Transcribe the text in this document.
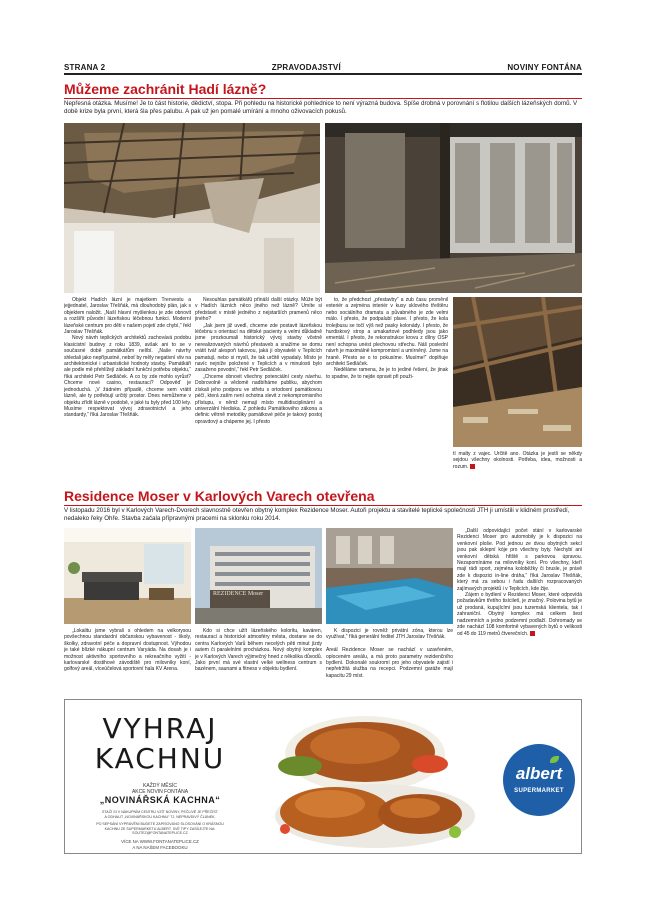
STRANA 2	ZPRAVODAJSTVÍ	NOVINY FONTÁNA
Můžeme zachránit Hadí lázně?
Nepřesná otázka. Musíme! Je to část historie, dědictví, stopa. Při pohledu na historické pohlednice to není výrazná budova. Spíše drobná v porovnání s flotilou dalších lázeňských domů. V době krize byla první, která šla přes palubu. A pak už jen pomalé umírání a mnoho oživovacích pokusů.

Objekt Hadích lázní je majetkem Trenvestu a jejjednatel, Jaroslav Třešňák, má dlouhodobý plán, jak s objektem naložit. „Naší hlavní myšlenkou je zde obnovit a rozšířit původní lázeňskou léčebnou funkci. Moderní lázeňské centrum pro děti v našem pojetí zde chybí,“ řekl Jaroslav Třešňák.

Nový návrh teplických architektů zachovává podobu klasicistní budovy z roku 1839, avšak ani to se v současné době památkářům nelíbí. „Naše návrhy shledali jako nepřípustné, neboť by měly negativní vliv na architektonické i urbanistické hodnoty stavby. Památkáři ale podle mě přehlížejí základní funkční potřebu objektu,“ říká architekt Petr Sedláček. A co by zde mohlo vyrůst? Chceme nové casino, restauraci? Odpověď je jednoduchá. „V žádném případě, chceme sem vrátit lázně, ale ty potřebují určitý prostor. Dnes nemůžeme v objektu zřídit lázně v podobě, v jaké tu byly před 100 lety. Musíme respektovat vývoj zdravotnictví a jeho standardy,“ říká Jaroslav Třešňák.

Nesouhlas památkářů přináší další otázky. Může být v Hadích lázních něco jiného než lázně? Umíte si představit v místě jedného z nejstarších pramenů něco jiného?

„Jak jsem již uvedl, chceme zde postavit lázeňskou léčebnu s orientací na dětské pacienty a velmi důkladně jsme prozkoumali historický vývoj stavby včetně nerealizovaných návrhů přestaveb a snažíme se domu vrátit tvář alespoň takovou, jaká ji obyvatelé v Teplicích pamatují, nebo si myslí, že tak určitě vypadaly. Místo je navíc nejníže položené v Teplicích a v minulosti bylo zasaženo povodní,“ řekl Petr Sedláček.

„Chceme obnovit všechny potenciální cesty návrhu. Dobrovolně a vědomě nadbíháme publiku, abychom získali jeho podporu ve střetu s ortodoxní památkovou péčí, která zatím není ochotna slevit z nekompromisního přístupu, v němž nemají místo multidisciplinární a univerzální hlediska. Z pohledu Památkového zákona a definic větrně metodiky památkové péče je takový postoj opravdový a chápeme jej. I přesto

to, že předchozí „přestavby“ a zub času proměnil exteriér a zejména interiér v kusy sklového třeštěru nebo sociálního dramatu a půvabného je zde velmi málo. I přesto, že podpalubí plave. I přesto, že kola trolejbusu se točí výš než pasky kolonády. I přesto, že hurdiskový strop a umakartové podhledy jsou jako ementál. I přesto, že rekonstrukce krovu z dílny OSP není schopna unést plechovou střechu. Náš poslední návrh je maximálně kompromisní a umírněný. Jsme na hraně. Přesto se o to pokusíme. Musíme!“ doplňuje architekt Sedláček.

Neděláme ramena, že je to jediné řešení, že jinak to spadne, že to nejde opravit při použi-

tí malty z vajec. Určitě ano. Otázka je jestli se někdy sejdou všechny okolnosti. Potřeba, idea, možnosti a rozum.
Residence Moser v Karlových Varech otevřena
V listopadu 2016 byl v Karlových Varech-Dvorech slavnostně otevřen obytný komplex Rezidence Moser. Autoři projektu a stavitelé teplické společnosti JTH ji umístili v klidném prostředí, nedaleko řeky Ohře. Stavba začala přípravnými pracemi na sklonku roku 2014.
REZIDENCE Moser

„Lokalitu jsme vybrali s ohledem na velkorysou povšechnou standardní občanskou vybavenost - školy, školky, zdravotní péče a dopravní dostupnost. Výhodou je také blízké nákupní centrum Varyáda. Na dosah je i možnost aktivního sportovního a rekreačního vyžití - karlovarské dostihové závodiště pro milovníky koní, golfový areál, víceúčelová sportovní hala KV Arena.

Kdo si chce užít lázeňského koloritu, kaváren, restaurací a historické atmosféry města, dostane se do centra Karlových Varů během necelých pěti minut jízdy autem či paralelními procházkou. Nový obytný komplex je v Karlových Varech výjimečný hned z několika důvodů. Jako první má své vlastní velké wellness centrum s bazénem, saunami a fitness v objektu bydlení.

K dispozici je rovněž privátní zóna, kterou lze využívat,“ říká generální ředitel JTH Jaroslav Třešňák.

Areál Rezidence Moser se nachází v uzavřeném, oploceném areálu, a má proto parametry rezidenčního bydlení. Dokonalé soukromí pro jeho obyvatele zajistí i nepřetržitá služba na recepci. Podzemní garáže mají kapacitu 29 míst.

„Další odpovídající počet stání v karlovarské Rezidenci Moser pro automobily je k dispozici na venkovní ploše. Pod jednou ze dvou obytných sekcí jsou pak sklepní kóje pro všechny byty. Nechybí ani venkovní dětská hřiště s parkovou úpravou. Nezapomínáme na milovníky koní. Pro všechny, kteří mají rádi sport, zejména koloběžky či brusle, je právě zde k dispozici in-line dráha,“ říká Jaroslav Třešňák, který má za sebou i řadu dalších rozpracovaných zajímavých projektů i v Teplicích, kde žije.

Zájem o bydlení v Rezidenci Moser, které odpovídá požadavkům třetího tisíciletí, je značný. Polovina bytů je už prodaná, kupujícími jsou tuzemská klientela, tak i zahraniční. Obytný komplex má celkem šest nadzemních a jedno podzemní podlaží. Dohromady se zde nachází 108 komfortně vybavených bytů o velikosti od 45 do 119 metrů čtverečních.

VYHRAJ
KACHNU
KAŽDÝ MĚSÍC
AKCE NOVIN FONTÁNA
„NOVINÁŘSKÁ KACHNA“
STAČÍ SI V NÁKUPNÍM CENTRU VZÍT NOVINY, PEČLIVĚ JE PŘEČÍST
A ODHALIT „NOVINÁŘSKOU KACHNU“ TJ. NEPRAVDIVÝ ČLÁNEK.
PO SEPSÁNÍ VYPRÁVĚNÍ BUDETE ZAPISOVÁNO SLOSOVÁNÍ O KRÁSNOU
KACHNU ZE SUPERMARKETU ALBERT. SVÉ TIPY ZASÍLEJTE NA: SOUTEZ@FONTANATEPLICE.CZ
VÍCE NA WWW.FONTANATEPLICE.CZ
A NA NAŠEM FACEBOOKU
albert
SUPERMARKET
